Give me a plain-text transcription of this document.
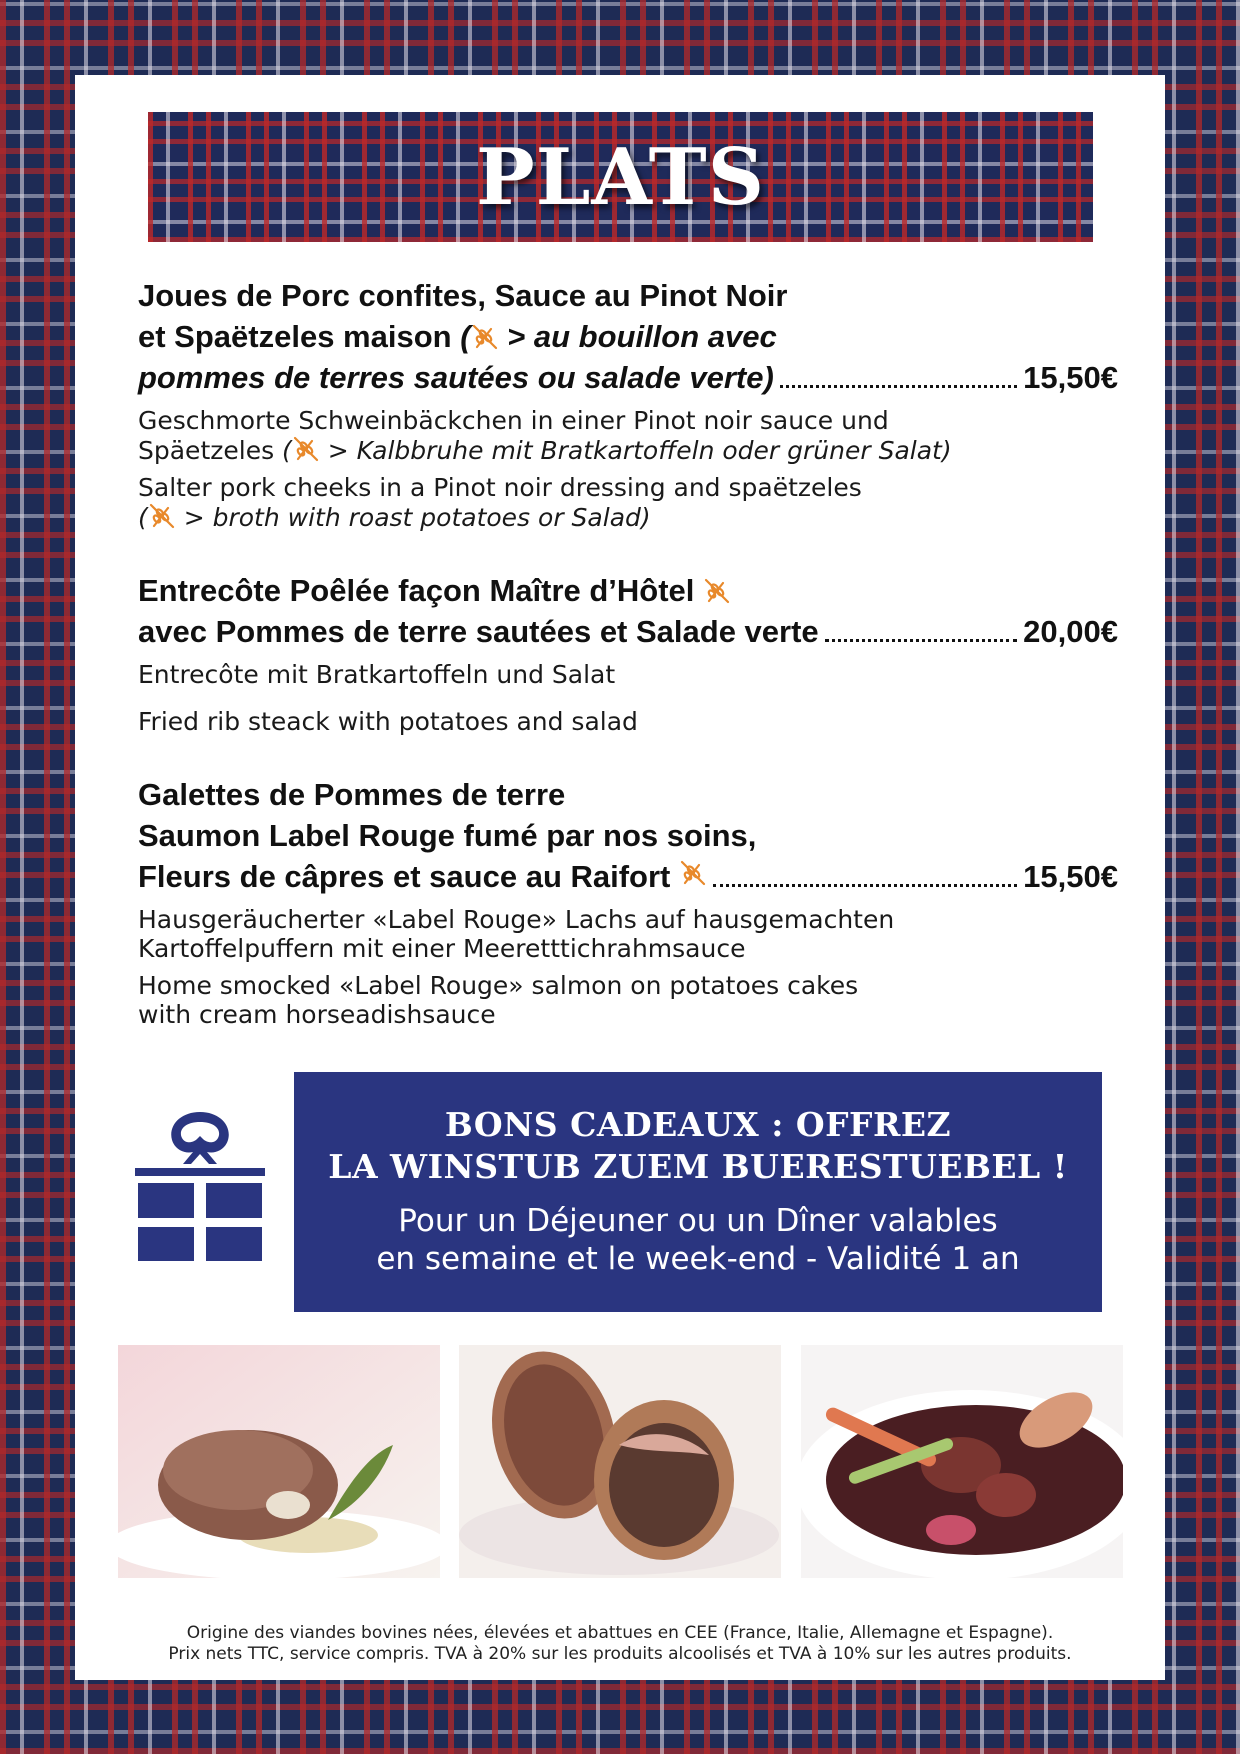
PLATS
Joues de Porc confites, Sauce au Pinot Noir
et Spaëtzeles maison ( > au bouillon avec
pommes de terres sautées ou salade verte)	15,50€
Geschmorte Schweinbäckchen in einer Pinot noir sauce und
Späetzeles ( > Kalbbruhe mit Bratkartoffeln oder grüner Salat)
Salter pork cheeks in a Pinot noir dressing and spaëtzeles
( > broth with roast potatoes or Salad)
Entrecôte Poêlée façon Maître d’Hôtel
avec Pommes de terre sautées et Salade verte	20,00€
Entrecôte mit Bratkartoffeln und Salat
Fried rib steack with potatoes and salad
Galettes de Pommes de terre
Saumon Label Rouge fumé par nos soins,
Fleurs de câpres et sauce au Raifort
	15,50€
Hausgeräucherter «Label Rouge» Lachs auf hausgemachten
Kartoffelpuffern mit einer Meeretttichrahmsauce
Home smocked «Label Rouge» salmon on potatoes cakes
with cream horseadishsauce
BONS CADEAUX : OFFREZ
LA WINSTUB ZUEM BUERESTUEBEL !
Pour un Déjeuner ou un Dîner valables
en semaine et le week-end - Validité 1 an
Origine des viandes bovines nées, élevées et abattues en CEE (France, Italie, Allemagne et Espagne).
Prix nets TTC, service compris. TVA à 20% sur les produits alcoolisés et TVA à 10% sur les autres produits.
